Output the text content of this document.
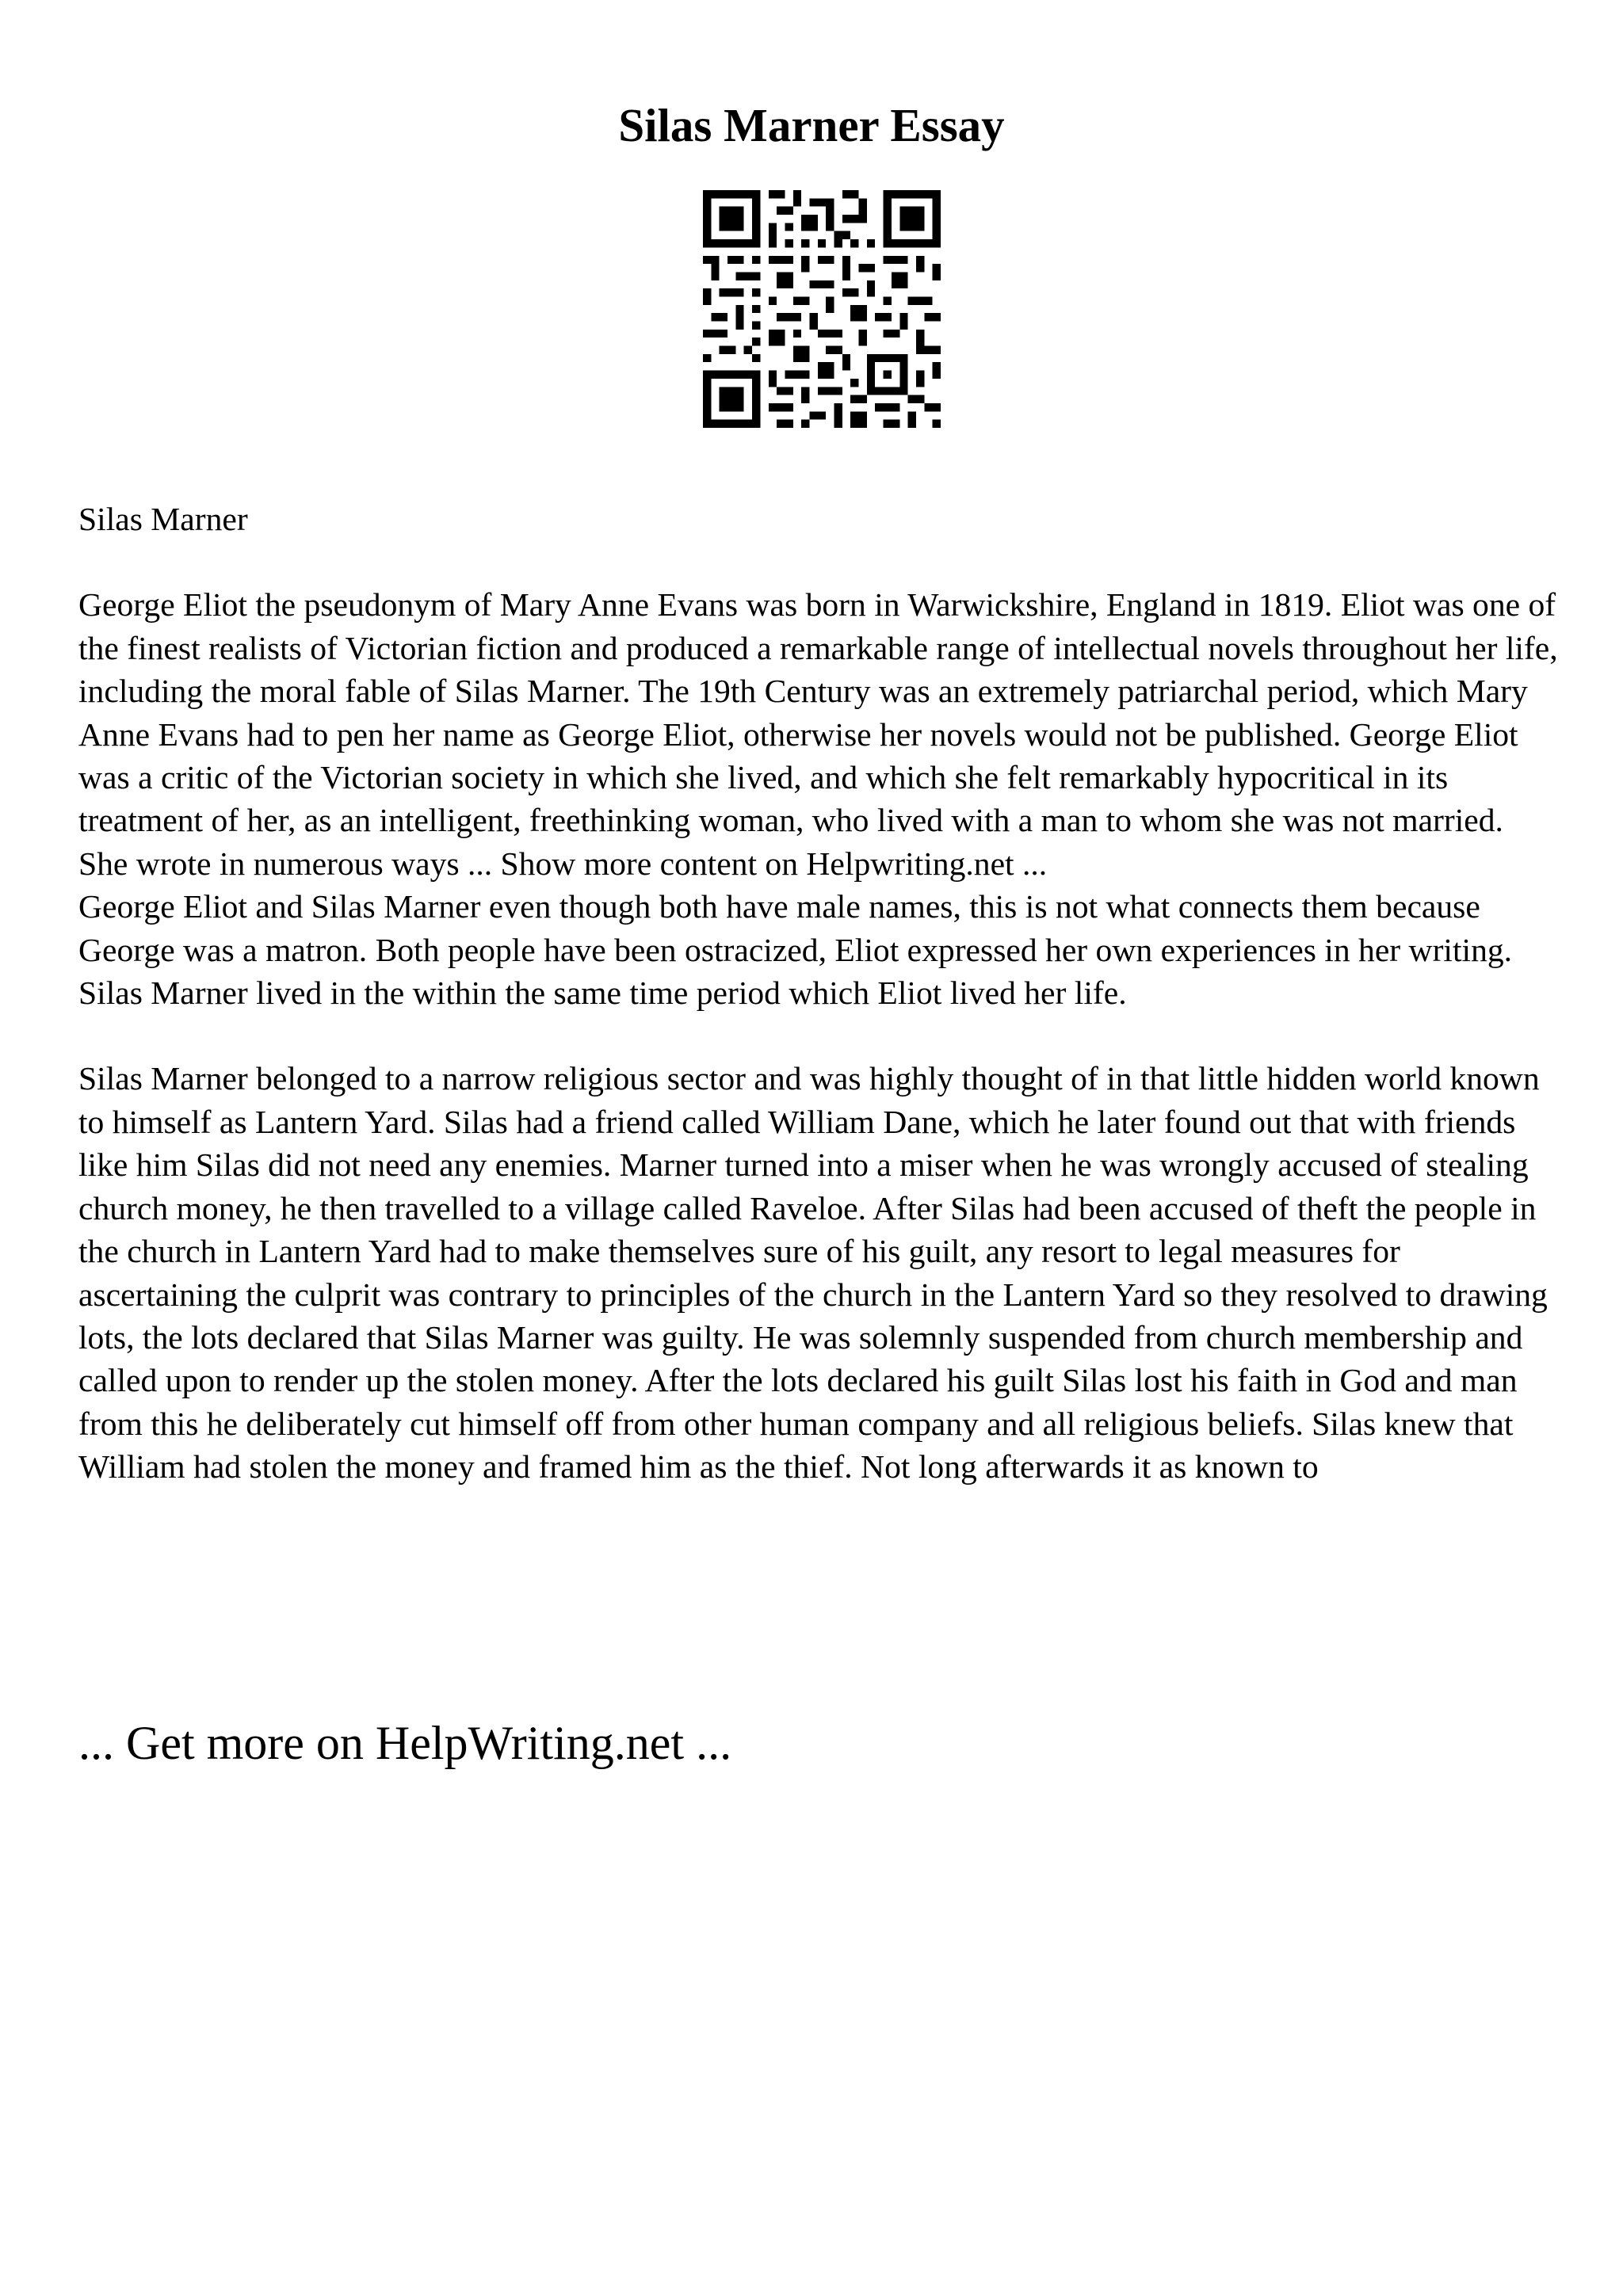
Silas Marner Essay

Silas Marner

George Eliot the pseudonym of Mary Anne Evans was born in Warwickshire, England in 1819. Eliot was one of the finest realists of Victorian fiction and produced a remarkable range of intellectual novels throughout her life, including the moral fable of Silas Marner. The 19th Century was an extremely patriarchal period, which Mary Anne Evans had to pen her name as George Eliot, otherwise her novels would not be published. George Eliot was a critic of the Victorian society in which she lived, and which she felt remarkably hypocritical in its treatment of her, as an intelligent, freethinking woman, who lived with a man to whom she was not married. She wrote in numerous ways ... Show more content on Helpwriting.net ...

George Eliot and Silas Marner even though both have male names, this is not what connects them because George was a matron. Both people have been ostracized, Eliot expressed her own experiences in her writing. Silas Marner lived in the within the same time period which Eliot lived her life.

Silas Marner belonged to a narrow religious sector and was highly thought of in that little hidden world known to himself as Lantern Yard. Silas had a friend called William Dane, which he later found out that with friends like him Silas did not need any enemies. Marner turned into a miser when he was wrongly accused of stealing church money, he then travelled to a village called Raveloe. After Silas had been accused of theft the people in the church in Lantern Yard had to make themselves sure of his guilt, any resort to legal measures for ascertaining the culprit was contrary to principles of the church in the Lantern Yard so they resolved to drawing lots, the lots declared that Silas Marner was guilty. He was solemnly suspended from church membership and called upon to render up the stolen money. After the lots declared his guilt Silas lost his faith in God and man from this he deliberately cut himself off from other human company and all religious beliefs. Silas knew that William had stolen the money and framed him as the thief. Not long afterwards it as known to

... Get more on HelpWriting.net ...
